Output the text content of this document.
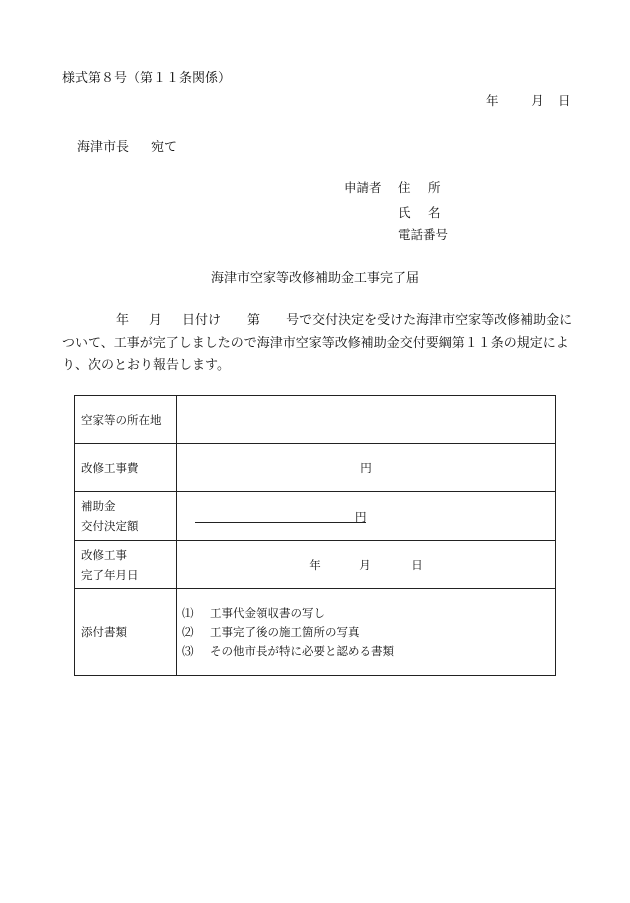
様式第８号（第１１条関係）
年	月 日
海津市長 宛て
申請者 住 所
氏 名
電話番号
海津市空家等改修補助金工事完了届
年 月 日付け 第 号で交付決定を受けた海津市空家等改修補助金について、工事が完了しましたので海津市空家等改修補助金交付要綱第１１条の規定により、次のとおり報告します。
空家等の所在地	
改修工事費	円

補助金
交付決定額	円

改修工事
完了年月日	年 月 日
添付書類	⑴ 工事代金領収書の写し
⑵ 工事完了後の施工箇所の写真
⑶ その他市長が特に必要と認める書類
